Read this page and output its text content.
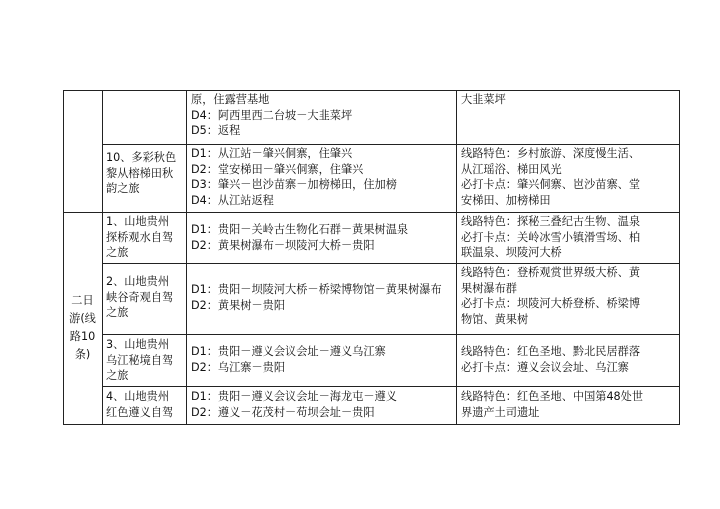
二日
游(线
路10
条)
原，住露营基地
D4：阿西里西二台坡－大韭菜坪
D5：返程
大韭菜坪
10、多彩秋色
黎从榕梯田秋
韵之旅
D1：从江站－肇兴侗寨，住肇兴
D2：堂安梯田－肇兴侗寨，住肇兴
D3：肇兴－岜沙苗寨－加榜梯田，住加榜
D4：从江站返程
线路特色：乡村旅游、深度慢生活、
从江瑶浴、梯田风光
必打卡点：肇兴侗寨、岜沙苗寨、堂
安梯田、加榜梯田
1、山地贵州
探桥观水自驾
之旅
D1：贵阳－关岭古生物化石群－黄果树温泉
D2：黄果树瀑布－坝陵河大桥－贵阳
线路特色：探秘三叠纪古生物、温泉
必打卡点：关岭冰雪小镇滑雪场、柏
联温泉、坝陵河大桥
2、山地贵州
峡谷奇观自驾
之旅
D1：贵阳－坝陵河大桥－桥梁博物馆－黄果树瀑布
D2：黄果树－贵阳
线路特色：登桥观赏世界级大桥、黄
果树瀑布群
必打卡点：坝陵河大桥登桥、桥梁博
物馆、黄果树
3、山地贵州
乌江秘境自驾
之旅
D1：贵阳－遵义会议会址－遵义乌江寨
D2：乌江寨－贵阳
线路特色：红色圣地、黔北民居群落
必打卡点：遵义会议会址、乌江寨
4、山地贵州
红色遵义自驾
D1：贵阳－遵义会议会址－海龙屯－遵义
D2：遵义－花茂村－苟坝会址－贵阳
线路特色：红色圣地、中国第48处世
界遗产土司遗址
